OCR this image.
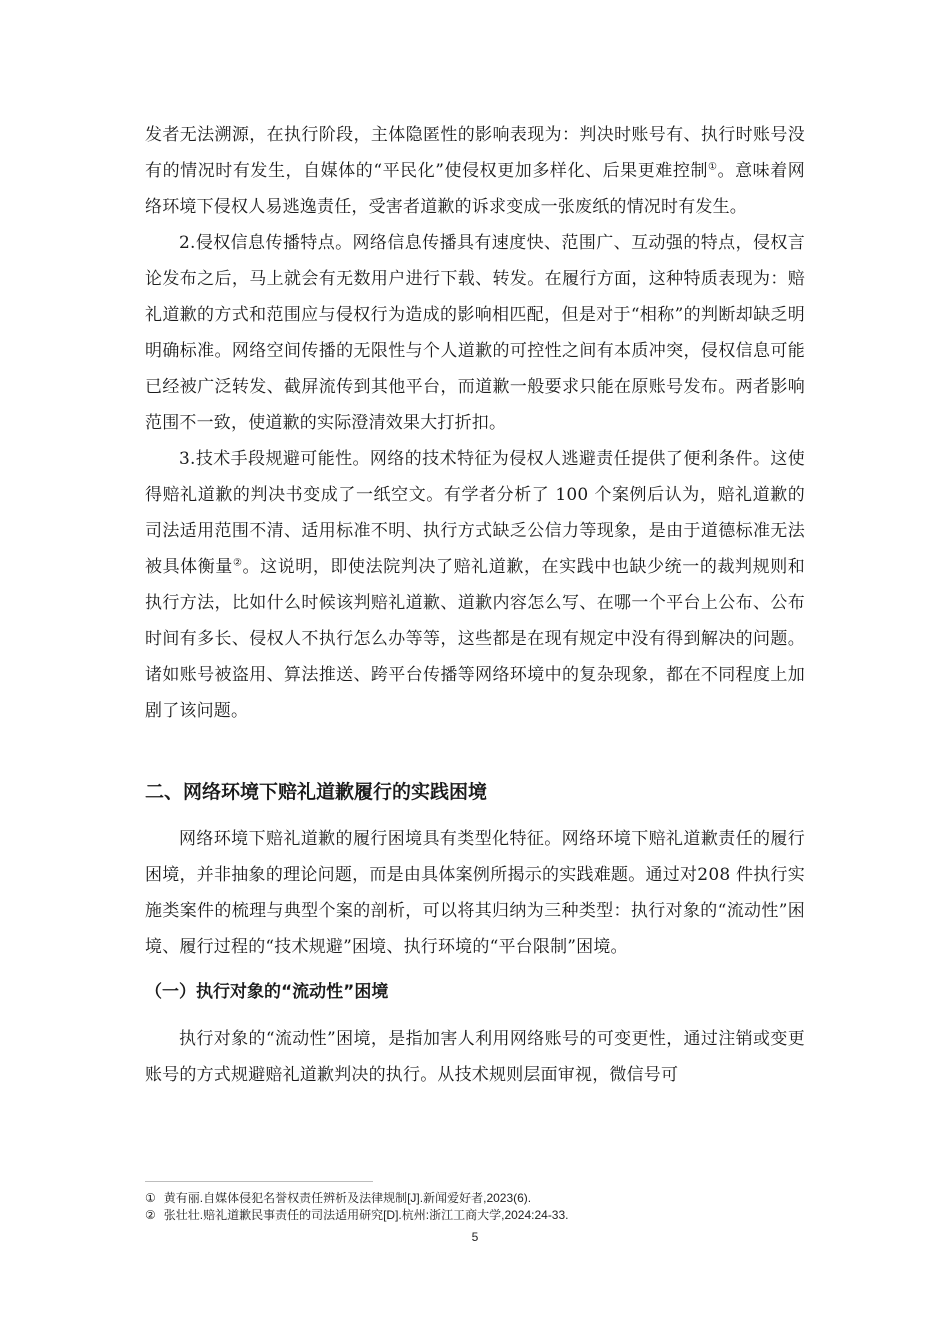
发者无法溯源，在执行阶段，主体隐匿性的影响表现为：判决时账号有、执行时账号没有的情况时有发生，自媒体的“平民化”使侵权更加多样化、后果更难控制①。意味着网络环境下侵权人易逃逸责任，受害者道歉的诉求变成一张废纸的情况时有发生。

2.侵权信息传播特点。网络信息传播具有速度快、范围广、互动强的特点，侵权言论发布之后，马上就会有无数用户进行下载、转发。在履行方面，这种特质表现为：赔礼道歉的方式和范围应与侵权行为造成的影响相匹配，但是对于“相称”的判断却缺乏明明确标准。网络空间传播的无限性与个人道歉的可控性之间有本质冲突，侵权信息可能已经被广泛转发、截屏流传到其他平台，而道歉一般要求只能在原账号发布。两者影响范围不一致，使道歉的实际澄清效果大打折扣。

3.技术手段规避可能性。网络的技术特征为侵权人逃避责任提供了便利条件。这使得赔礼道歉的判决书变成了一纸空文。有学者分析了 100 个案例后认为，赔礼道歉的司法适用范围不清、适用标准不明、执行方式缺乏公信力等现象，是由于道德标准无法被具体衡量②。这说明，即使法院判决了赔礼道歉，在实践中也缺少统一的裁判规则和执行方法，比如什么时候该判赔礼道歉、道歉内容怎么写、在哪一个平台上公布、公布时间有多长、侵权人不执行怎么办等等，这些都是在现有规定中没有得到解决的问题。诸如账号被盗用、算法推送、跨平台传播等网络环境中的复杂现象，都在不同程度上加剧了该问题。

二、网络环境下赔礼道歉履行的实践困境

网络环境下赔礼道歉的履行困境具有类型化特征。网络环境下赔礼道歉责任的履行困境，并非抽象的理论问题，而是由具体案例所揭示的实践难题。通过对208 件执行实施类案件的梳理与典型个案的剖析，可以将其归纳为三种类型：执行对象的“流动性”困境、履行过程的“技术规避”困境、执行环境的“平台限制”困境。

（一）执行对象的“流动性”困境

执行对象的“流动性”困境，是指加害人利用网络账号的可变更性，通过注销或变更账号的方式规避赔礼道歉判决的执行。从技术规则层面审视，微信号可

① 黄有丽.自媒体侵犯名誉权责任辨析及法律规制[J].新闻爱好者,2023(6).
② 张壮壮.赔礼道歉民事责任的司法适用研究[D].杭州:浙江工商大学,2024:24-33.
5
